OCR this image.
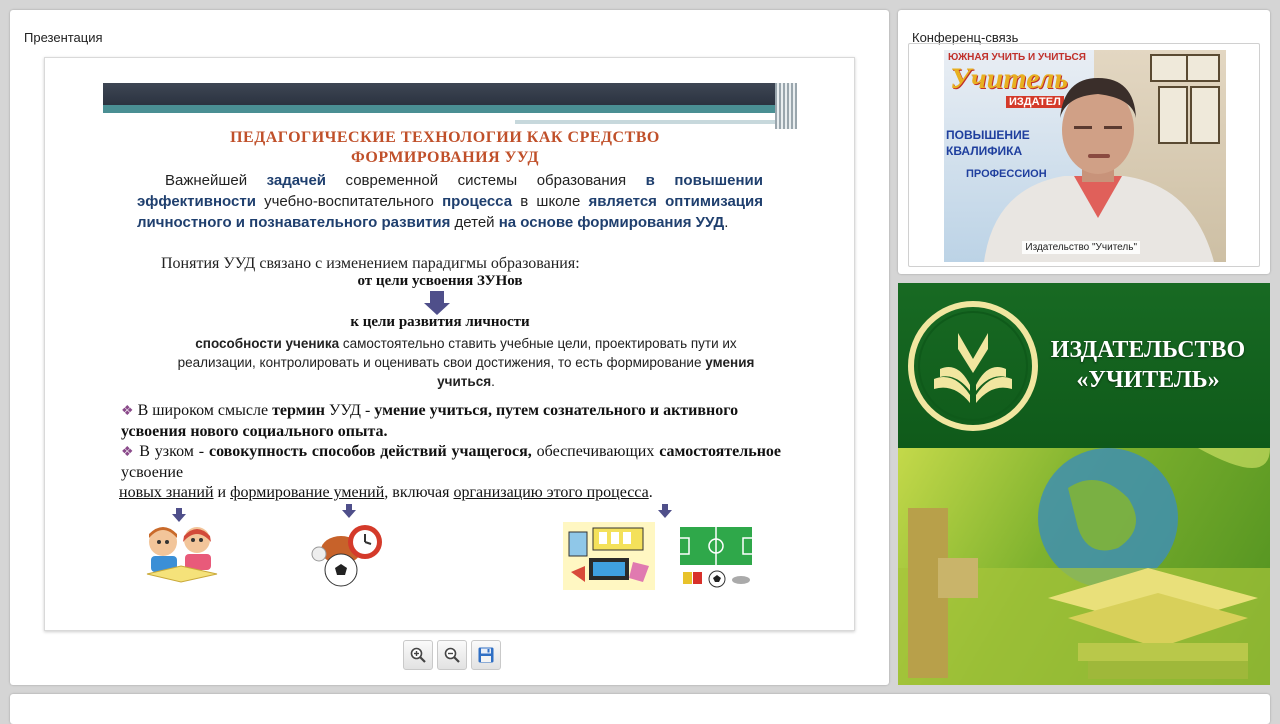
Презентация
ПЕДАГОГИЧЕСКИЕ ТЕХНОЛОГИИ КАК СРЕДСТВО
ФОРМИРОВАНИЯ УУД
Важнейшей задачей современной системы образования в повышении эффективности учебно-воспитательного процесса в школе является оптимизация личностного и познавательного развития детей на основе формирования УУД.
Понятия УУД связано с изменением парадигмы образования:
от цели усвоения ЗУНов
к цели развития личности
способности ученика самостоятельно ставить учебные цели, проектировать пути их реализации, контролировать и оценивать свои достижения, то есть формирование умения учиться.
❖ В широком смысле термин УУД - умение учиться, путем сознательного и активного усвоения нового социального опыта.
❖ В узком - совокупность способов действий учащегося, обеспечивающих самостоятельное усвоение
новых знаний и формирование умений, включая организацию этого процесса.
Конференц-связь
ЮЖНАЯ УЧИТЬ И УЧИТЬСЯ
Учитель
ИЗДАТЕЛ
ПОВЫШЕНИЕ
КВАЛИФИКА
ПРОФЕССИОН
Издательство "Учитель"
ИЗДАТЕЛЬСТВО
«УЧИТЕЛЬ»
